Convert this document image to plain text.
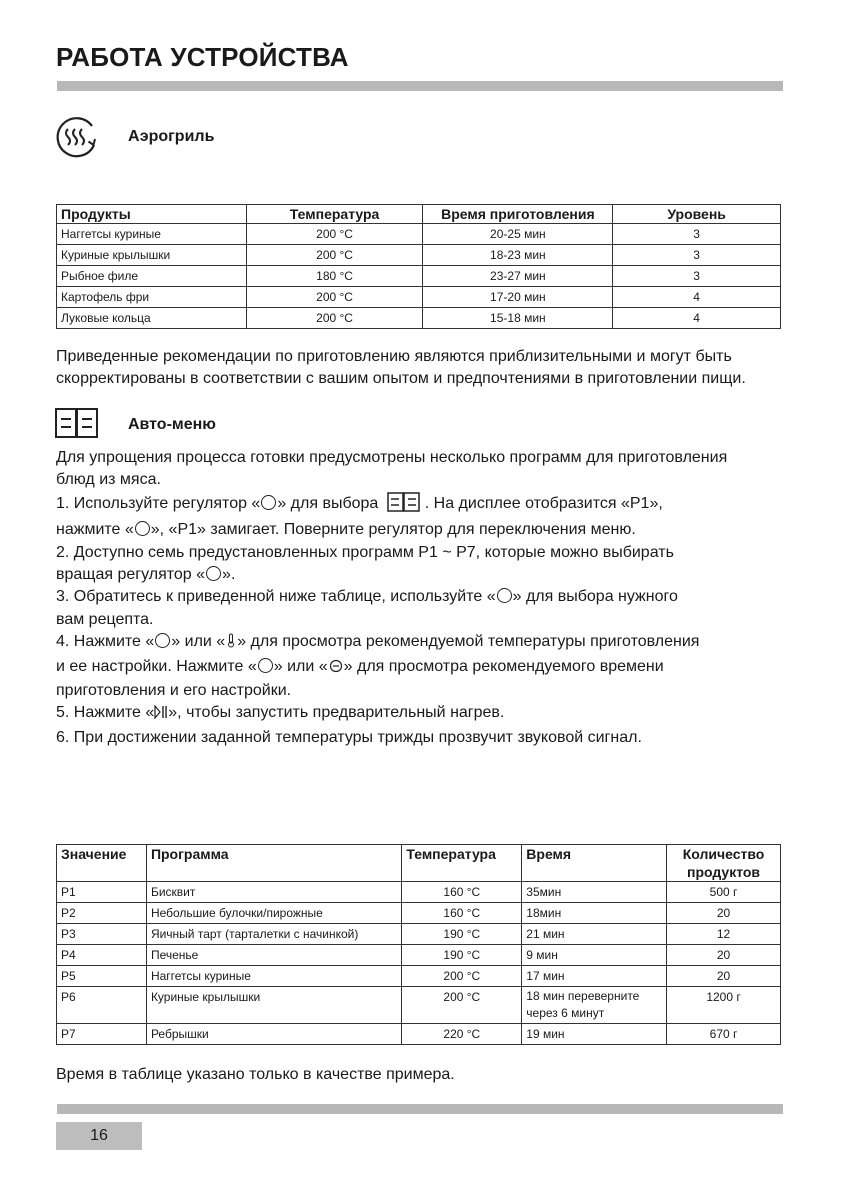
РАБОТА УСТРОЙСТВА
Аэрогриль
Продукты	Температура	Время приготовления	Уровень
Наггетсы куриные	200 °C	20-25 мин	3
Куриные крылышки	200 °C	18-23 мин	3
Рыбное филе	180 °C	23-27 мин	3
Картофель фри	200 °C	17-20 мин	4
Луковые кольца	200 °C	15-18 мин	4

Приведенные рекомендации по приготовлению являются приблизительными и могут быть

скорректированы в соответствии с вашим опытом и предпочтениями в приготовлении пищи.

Авто-меню

Для упрощения процесса готовки предусмотрены несколько программ для приготовления

блюд из мяса.

1. Используйте регулятор « » для выбора	. На дисплее отобразится «P1»,

нажмите « », «P1» замигает. Поверните регулятор для переключения меню.

2. Доступно семь предустановленных программ P1 ~ P7, которые можно выбирать

вращая регулятор « ».

3. Обратитесь к приведенной ниже таблице, используйте « » для выбора нужного

вам рецепта.

4. Нажмите « » или « » для просмотра рекомендуемой температуры приготовления

и ее настройки. Нажмите « » или « » для просмотра рекомендуемого времени

приготовления и его настройки.

5. Нажмите « », чтобы запустить предварительный нагрев.

6. При достижении заданной температуры трижды прозвучит звуковой сигнал.

Значение	Программа	Температура	Время	Количество продуктов
P1	Бисквит	160 °C	35мин	500 г
P2	Небольшие булочки/пирожные	160 °C	18мин	20
P3	Яичный тарт (тарталетки с начинкой)	190 °C	21 мин	12
P4	Печенье	190 °C	9 мин	20
P5	Наггетсы куриные	200 °C	17 мин	20
P6	Куриные крылышки	200 °C	18 мин переверните через 6 минут	1200 г
P7	Ребрышки	220 °C	19 мин	670 г
Время в таблице указано только в качестве примера.
16
